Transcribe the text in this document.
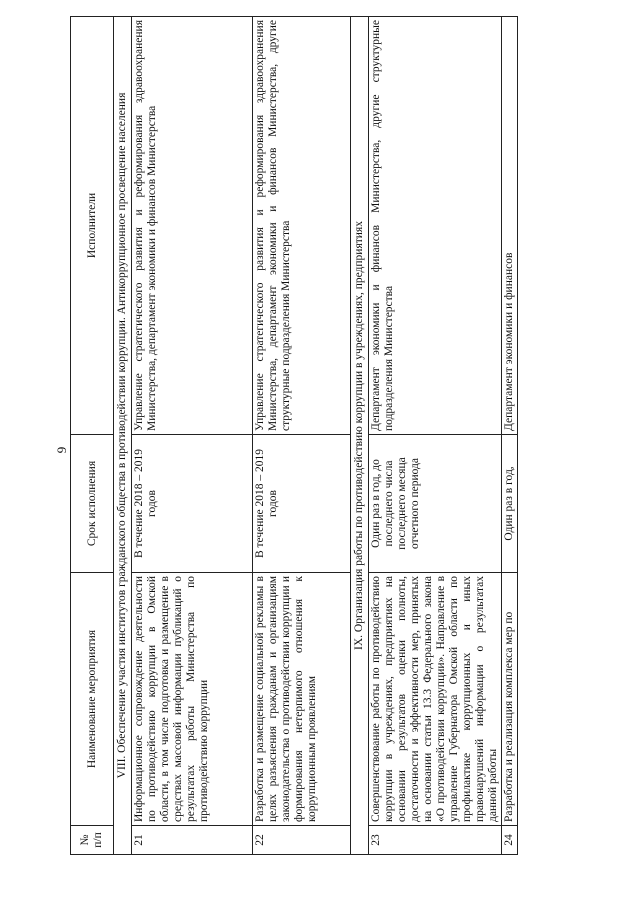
9
№ п/п	Наименование мероприятия	Срок исполнения	Исполнители
VIII. Обеспечение участия институтов гражданского общества в противодействии коррупции. Антикоррупционное просвещение населения			
21	Информационное сопровождение деятельности по противодействию коррупции в Омской области, в том числе подготовка и размещение в средствах массовой информации публикаций о результатах работы Министерства по противодействию коррупции	В течение 2018 – 2019 годов	Управление стратегического развития и реформирования здравоохранения Министерства, департамент экономики и финансов Министерства
22	Разработка и размещение социальной рекламы в целях разъяснения гражданам и организациям законодательства о противодействии коррупции и формирования нетерпимого отношения к коррупционным проявлениям	В течение 2018 – 2019 годов	Управление стратегического развития и реформирования здравоохранения Министерства, департамент экономики и финансов Министерства, другие структурные подразделения Министерства
IX. Организация работы по противодействию коррупции в учреждениях, предприятиях			
23	Совершенствование работы по противодействию коррупции в учреждениях, предприятиях на основании результатов оценки полноты, достаточности и эффективности мер, принятых на основании статьи 13.3 Федерального закона «О противодействии коррупции». Направление в управление Губернатора Омской области по профилактике коррупционных и иных правонарушений информации о результатах данной работы	Один раз в год, до последнего числа последнего месяца отчетного периода	Департамент экономики и финансов Министерства, другие структурные подразделения Министерства
24	Разработка и реализация комплекса мер по	Один раз в год,	Департамент экономики и финансов
